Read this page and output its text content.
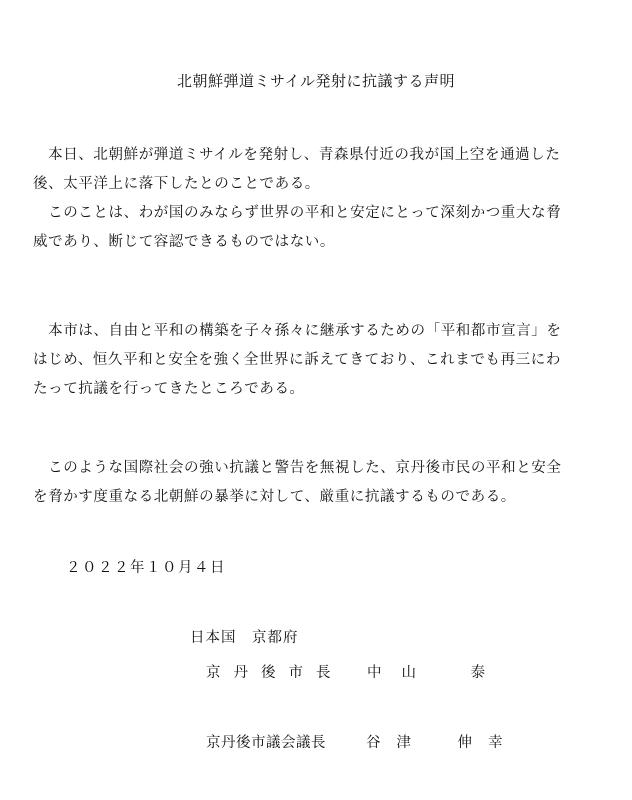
北朝鮮弾道ミサイル発射に抗議する声明
　本日、北朝鮮が弾道ミサイルを発射し、青森県付近の我が国上空を通過した
後、太平洋上に落下したとのことである。
　このことは、わが国のみならず世界の平和と安定にとって深刻かつ重大な脅
威であり、断じて容認できるものではない。
　本市は、自由と平和の構築を子々孫々に継承するための「平和都市宣言」を
はじめ、恒久平和と安全を強く全世界に訴えてきており、これまでも再三にわ
たって抗議を行ってきたところである。
　このような国際社会の強い抗議と警告を無視した、京丹後市民の平和と安全
を脅かす度重なる北朝鮮の暴挙に対して、厳重に抗議するものである。
２０２２年１０月４日
日本国　京都府
京丹後市長 中山　泰
京丹後市議会議長	谷津　伸幸
